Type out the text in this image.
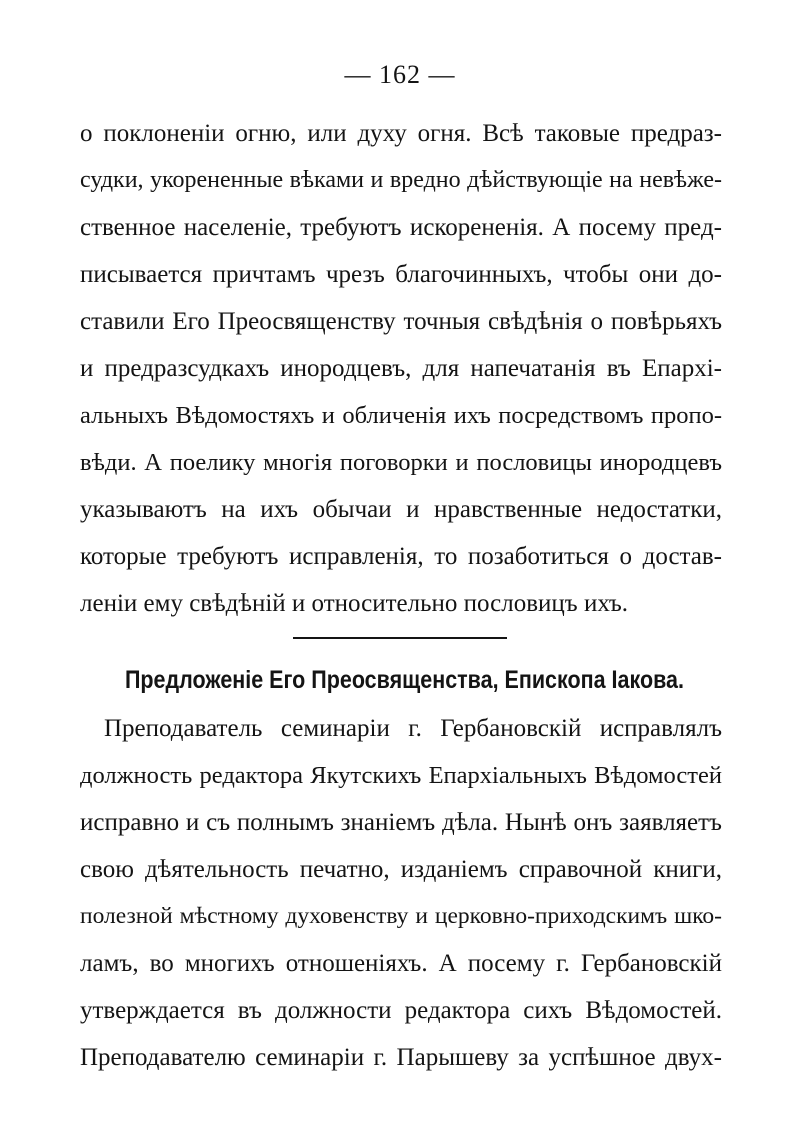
— 162 —
о поклоненіи огню, или духу огня. Всѣ таковые предраз-
судки, укорененные вѣками и вредно дѣйствующіе на невѣже-
ственное населеніе, требуютъ искорененія. А посему пред-
писывается причтамъ чрезъ благочинныхъ, чтобы они до-
ставили Его Преосвященству точныя свѣдѣнія о повѣрьяхъ
и предразсудкахъ инородцевъ, для напечатанія въ Епархі-
альныхъ Вѣдомостяхъ и обличенія ихъ посредствомъ пропо-
вѣди. А поелику многія поговорки и пословицы инородцевъ
указываютъ на ихъ обычаи и нравственные недостатки,
которые требуютъ исправленія, то позаботиться о достав-
леніи ему свѣдѣній и относительно пословицъ ихъ.
Предложеніе Его Преосвященства, Епископа Іакова.
Преподаватель семинаріи г. Гербановскій исправлялъ
должность редактора Якутскихъ Епархіальныхъ Вѣдомостей
исправно и съ полнымъ знаніемъ дѣла. Нынѣ онъ заявляетъ
свою дѣятельность печатно, изданіемъ справочной книги,
полезной мѣстному духовенству и церковно-приходскимъ шко-
ламъ, во многихъ отношеніяхъ. А посему г. Гербановскій
утверждается въ должности редактора сихъ Вѣдомостей.
Преподавателю семинаріи г. Парышеву за успѣшное двух-
